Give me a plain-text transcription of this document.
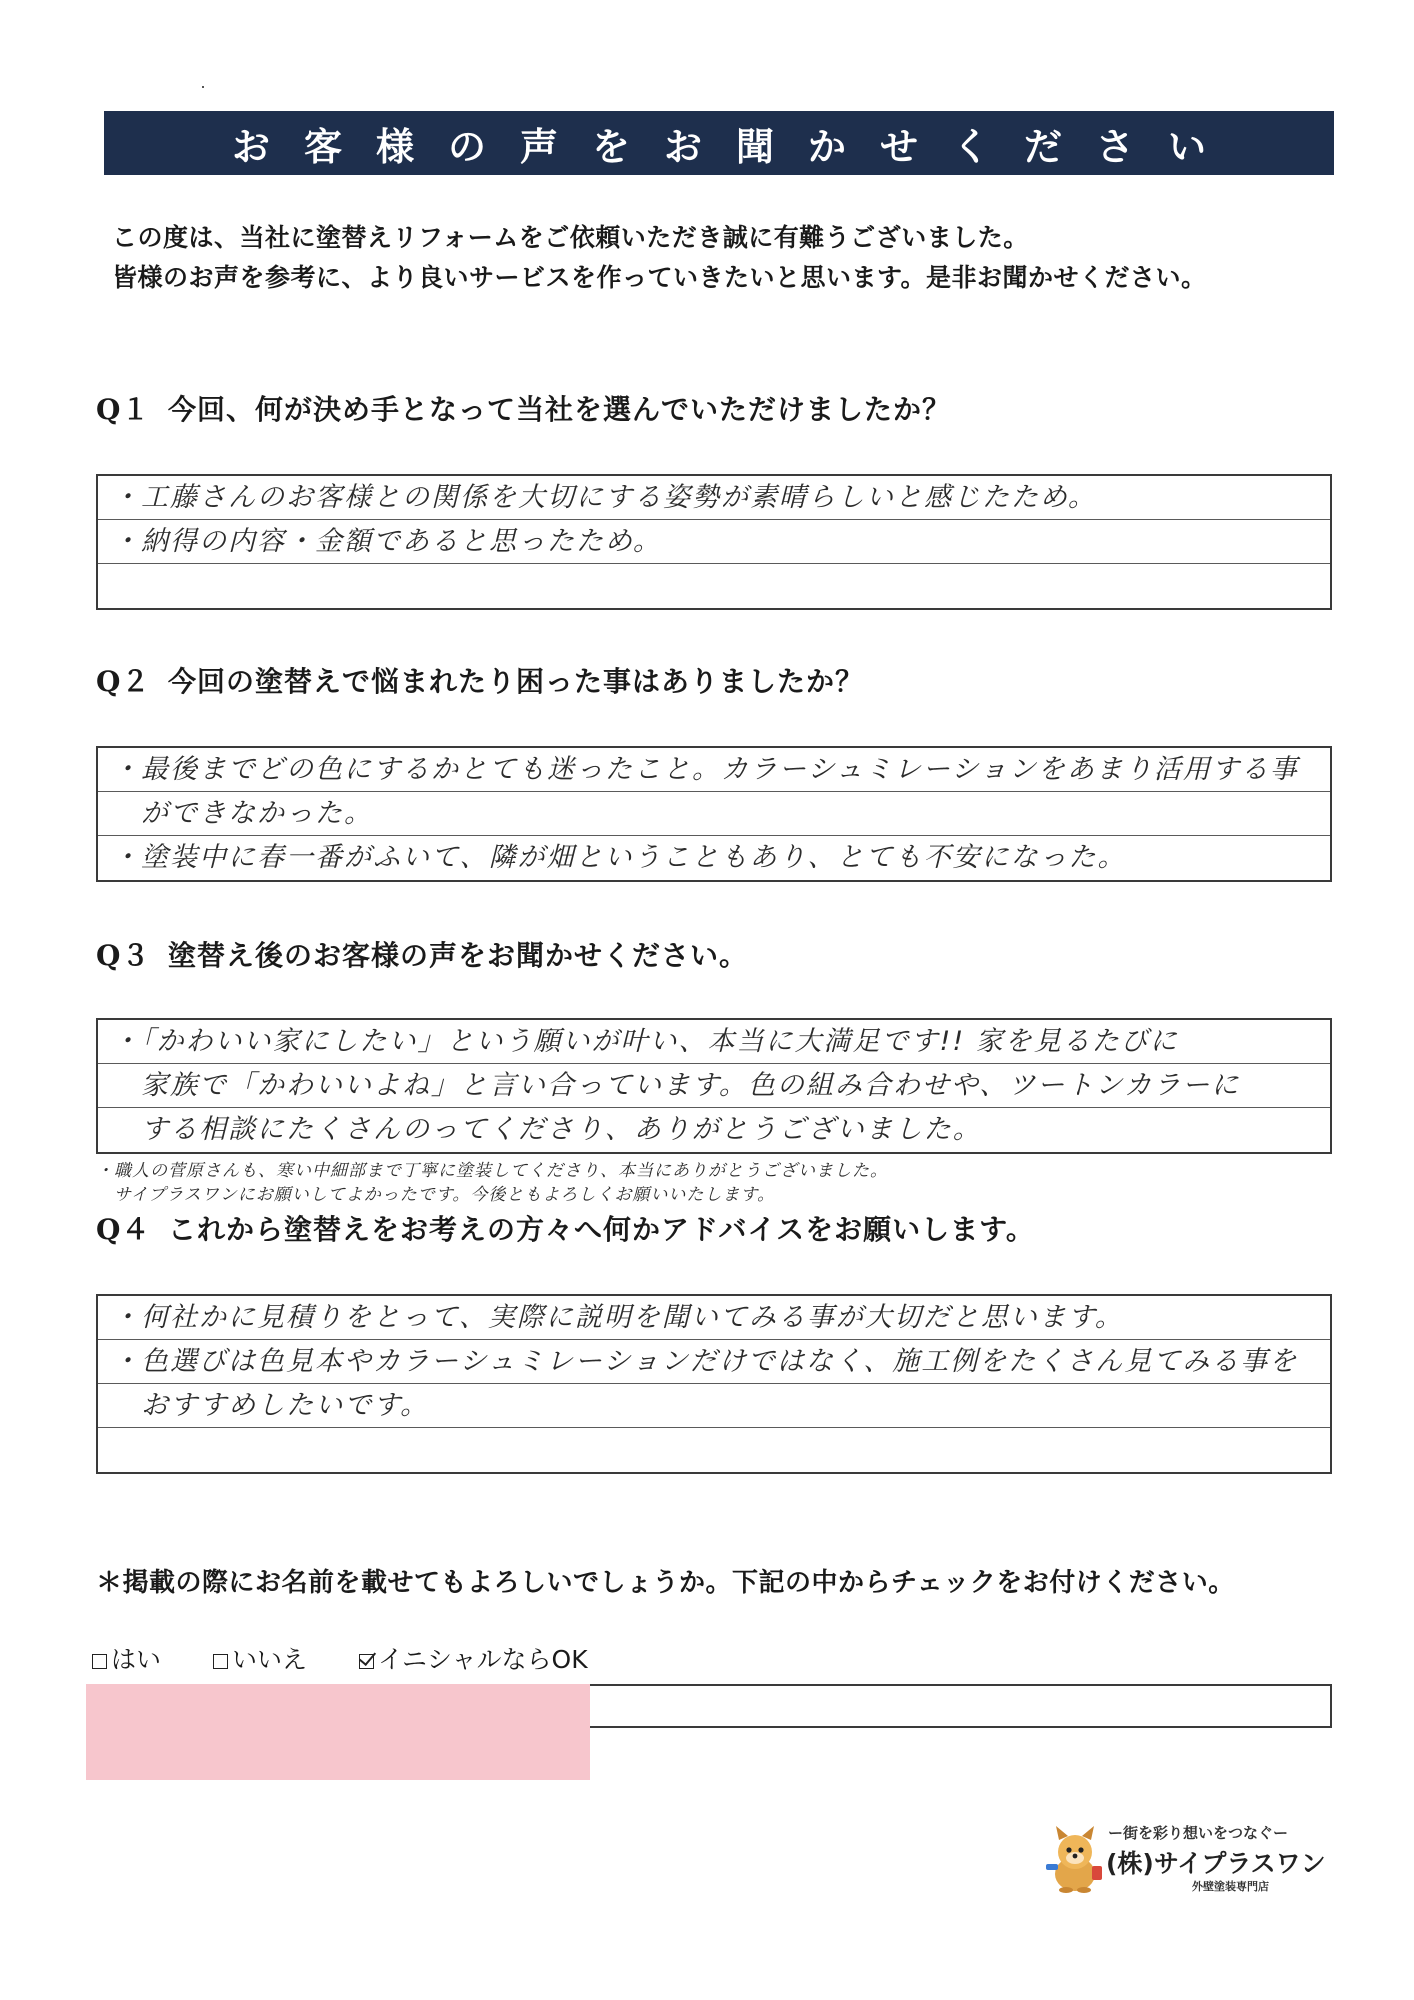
お客様の声をお聞かせください
この度は、当社に塗替えリフォームをご依頼いただき誠に有難うございました。
皆様のお声を参考に、より良いサービスを作っていきたいと思います。是非お聞かせください。
Q１ 今回、何が決め手となって当社を選んでいただけましたか？
・工藤さんのお客様との関係を大切にする姿勢が素晴らしいと感じたため。
・納得の内容・金額であると思ったため。
Q２ 今回の塗替えで悩まれたり困った事はありましたか？
・最後までどの色にするかとても迷ったこと。カラーシュミレーションをあまり活用する事
　ができなかった。
・塗装中に春一番がふいて、隣が畑ということもあり、とても不安になった。
Q３ 塗替え後のお客様の声をお聞かせください。
・「かわいい家にしたい」という願いが叶い、本当に大満足です!! 家を見るたびに
　家族で「かわいいよね」と言い合っています。色の組み合わせや、ツートンカラーに
　する相談にたくさんのってくださり、ありがとうございました。
・職人の菅原さんも、寒い中細部まで丁寧に塗装してくださり、本当にありがとうございました。
　サイプラスワンにお願いしてよかったです。今後ともよろしくお願いいたします。
Q４ これから塗替えをお考えの方々へ何かアドバイスをお願いします。
・何社かに見積りをとって、実際に説明を聞いてみる事が大切だと思います。
・色選びは色見本やカラーシュミレーションだけではなく、施工例をたくさん見てみる事を
　おすすめしたいです。
＊掲載の際にお名前を載せてもよろしいでしょうか。下記の中からチェックをお付けください。
はい	いいえ	イニシャルならOK
ー街を彩り想いをつなぐー
(株)サイプラスワン
外壁塗装専門店
